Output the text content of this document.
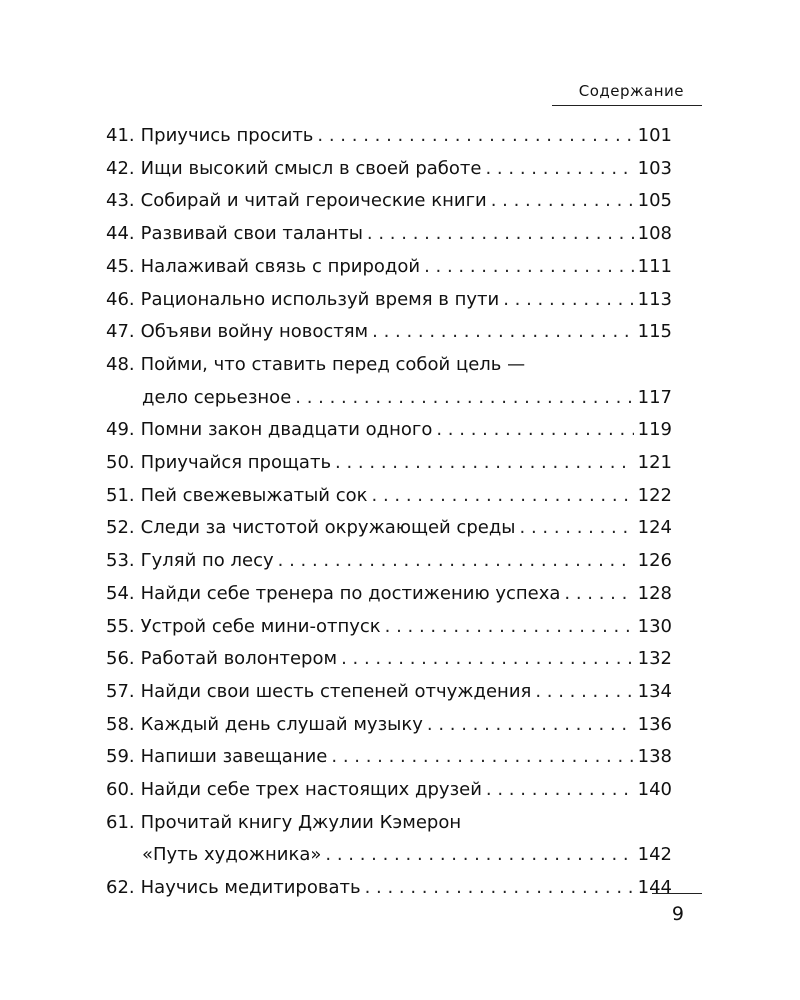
Содержание
41. Приучись просить . . .	101
42. Ищи высокий смысл в своей работе . . .	103
43. Собирай и читай героические книги . . .	105
44. Развивай свои таланты . . .	108
45. Налаживай связь с природой . . .	111
46. Рационально используй время в пути . . .	113
47. Объяви войну новостям . . .	115
48. Пойми, что ставить перед собой цель —
дело серьезное . . .	117
49. Помни закон двадцати одного . . .	119
50. Приучайся прощать . . .	121
51. Пей свежевыжатый сок . . .	122
52. Следи за чистотой окружающей среды . . .	124
53. Гуляй по лесу . . .	126
54. Найди себе тренера по достижению успеха . . .	128
55. Устрой себе мини-отпуск . . .	130
56. Работай волонтером . . .	132
57. Найди свои шесть степеней отчуждения . . .	134
58. Каждый день слушай музыку . . .	136
59. Напиши завещание . . .	138
60. Найди себе трех настоящих друзей . . .	140
61. Прочитай книгу Джулии Кэмерон
«Путь художника» . . .	142
62. Научись медитировать . . .	144
9
